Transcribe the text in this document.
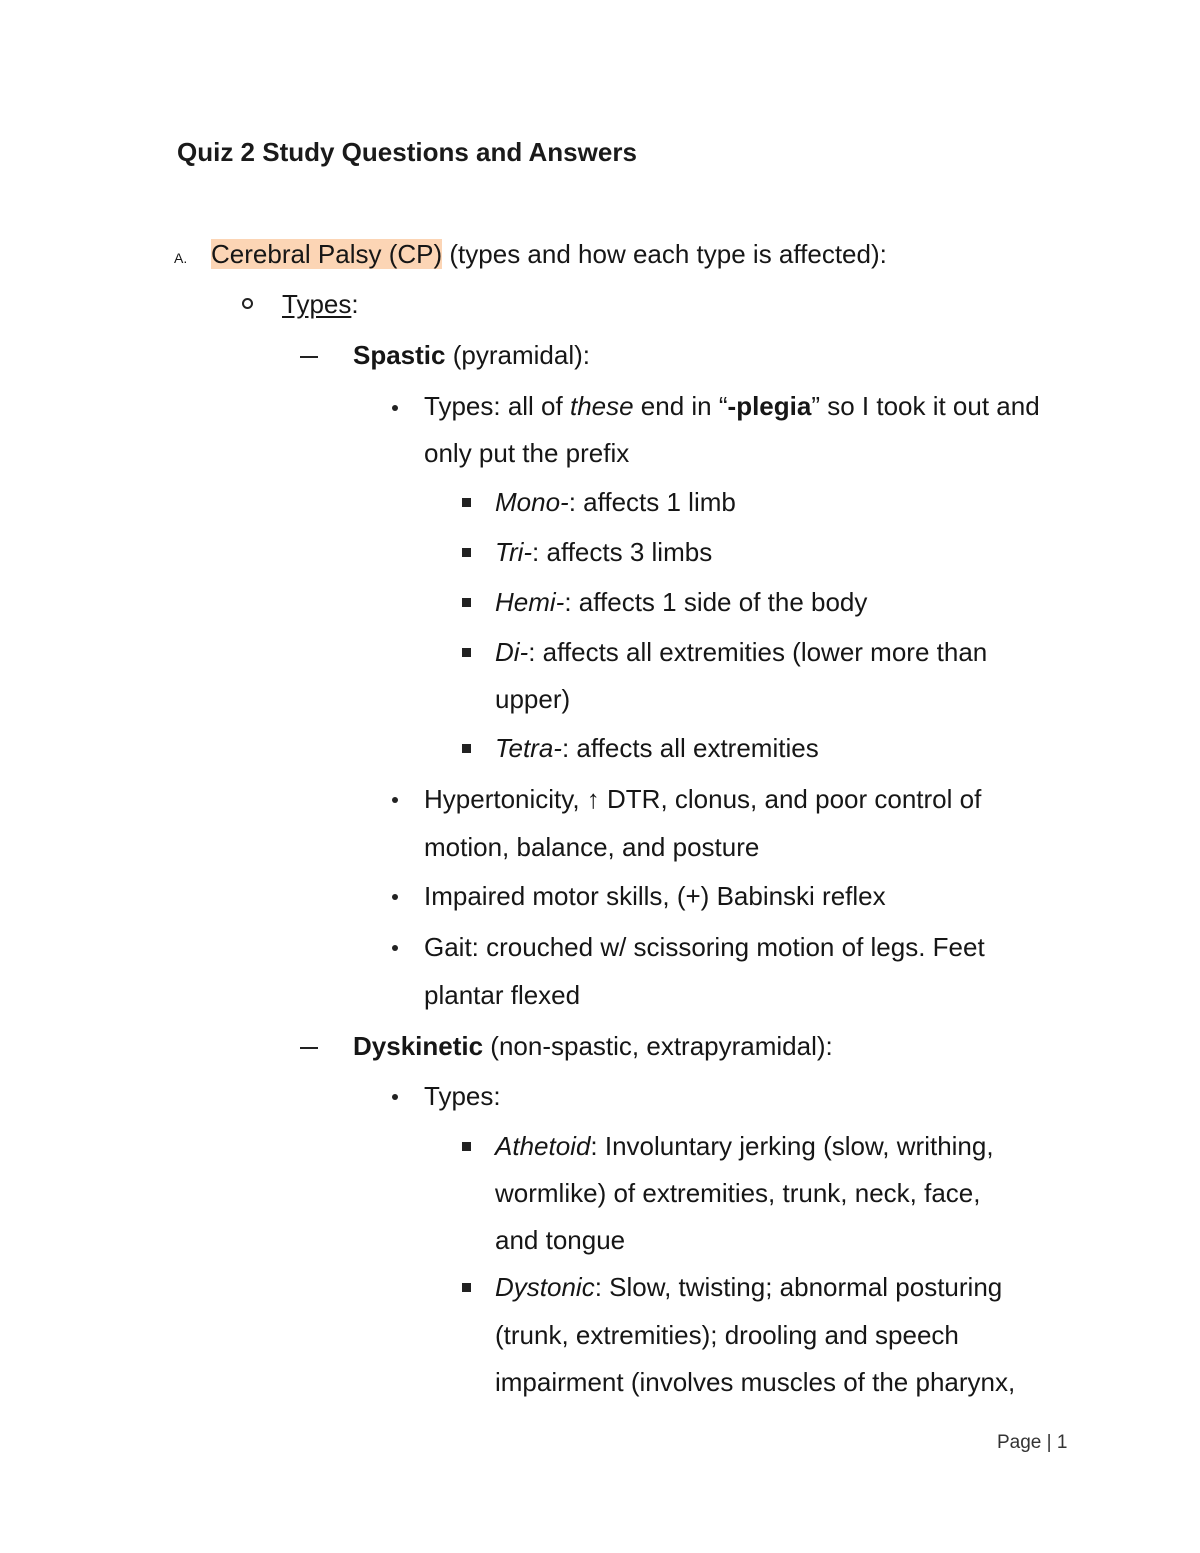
Quiz 2 Study Questions and Answers
A. Cerebral Palsy (CP) (types and how each type is affected):
Types:
Spastic (pyramidal):
Types: all of these end in “-plegia” so I took it out and
only put the prefix
Mono-: affects 1 limb
Tri-: affects 3 limbs
Hemi-: affects 1 side of the body
Di-: affects all extremities (lower more than
upper)
Tetra-: affects all extremities
Hypertonicity, ↑ DTR, clonus, and poor control of
motion, balance, and posture
Impaired motor skills, (+) Babinski reflex
Gait: crouched w/ scissoring motion of legs. Feet
plantar flexed
Dyskinetic (non-spastic, extrapyramidal):
Types:
Athetoid: Involuntary jerking (slow, writhing,
wormlike) of extremities, trunk, neck, face,
and tongue
Dystonic: Slow, twisting; abnormal posturing
(trunk, extremities); drooling and speech
impairment (involves muscles of the pharynx,
Page | 1
